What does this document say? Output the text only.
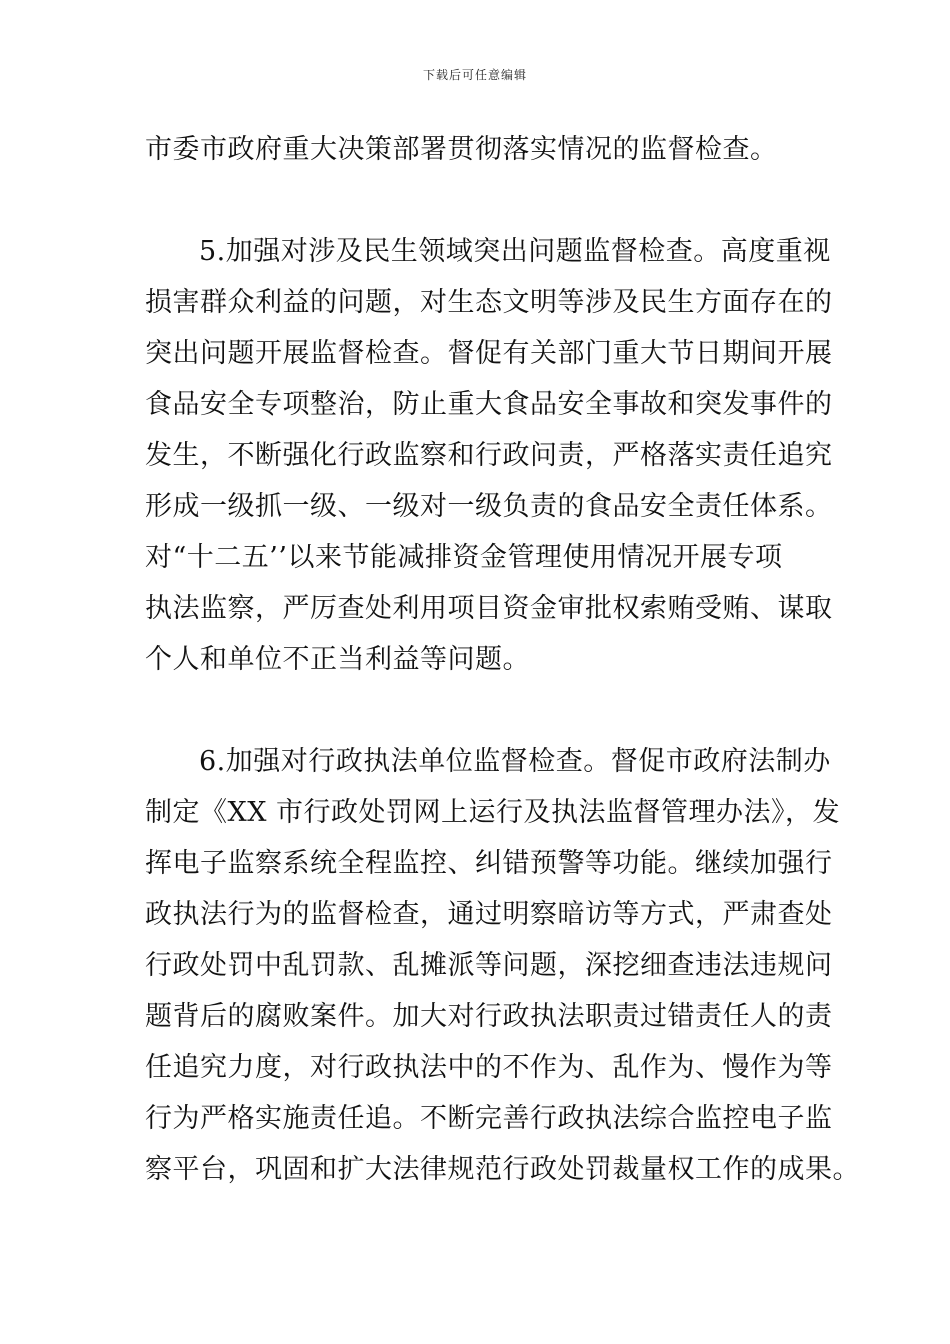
下载后可任意编辑
市委市政府重大决策部署贯彻落实情况的监督检查。
5.加强对涉及民生领域突出问题监督检查。高度重视
损害群众利益的问题，对生态文明等涉及民生方面存在的
突出问题开展监督检查。督促有关部门重大节日期间开展
食品安全专项整治，防止重大食品安全事故和突发事件的
发生，不断强化行政监察和行政问责，严格落实责任追究
形成一级抓一级、一级对一级负责的食品安全责任体系。
对“十二五’’以来节能减排资金管理使用情况开展专项
执法监察，严厉查处利用项目资金审批权索贿受贿、谋取
个人和单位不正当利益等问题。
6.加强对行政执法单位监督检查。督促市政府法制办
制定《XX 市行政处罚网上运行及执法监督管理办法》，发
挥电子监察系统全程监控、纠错预警等功能。继续加强行
政执法行为的监督检查，通过明察暗访等方式，严肃查处
行政处罚中乱罚款、乱摊派等问题，深挖细查违法违规问
题背后的腐败案件。加大对行政执法职责过错责任人的责
任追究力度，对行政执法中的不作为、乱作为、慢作为等
行为严格实施责任追。不断完善行政执法综合监控电子监
察平台，巩固和扩大法律规范行政处罚裁量权工作的成果。
